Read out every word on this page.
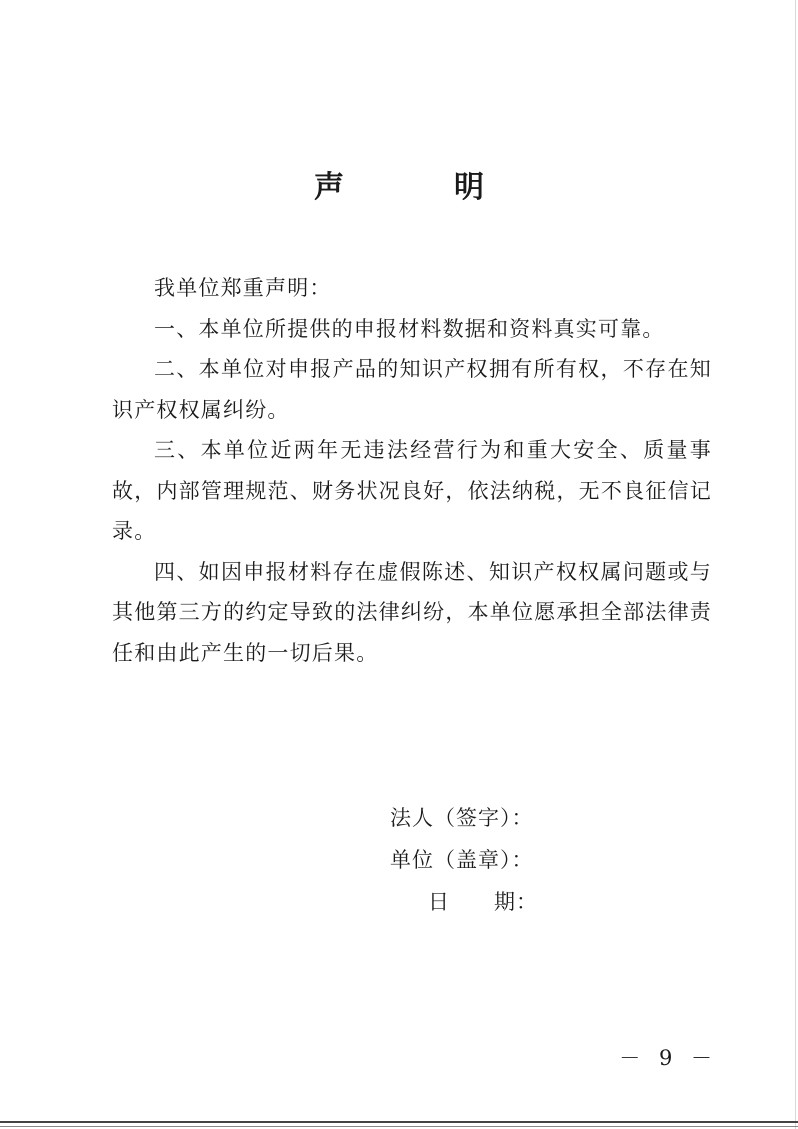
声　明

我单位郑重声明：

一、本单位所提供的申报材料数据和资料真实可靠。

二、本单位对申报产品的知识产权拥有所有权，不存在知识产权权属纠纷。

三、本单位近两年无违法经营行为和重大安全、质量事故，内部管理规范、财务状况良好，依法纳税，无不良征信记录。

四、如因申报材料存在虚假陈述、知识产权权属问题或与其他第三方的约定导致的法律纠纷，本单位愿承担全部法律责任和由此产生的一切后果。

法人（签字）：
单位（盖章）：
日　　期：
－ 9 －
